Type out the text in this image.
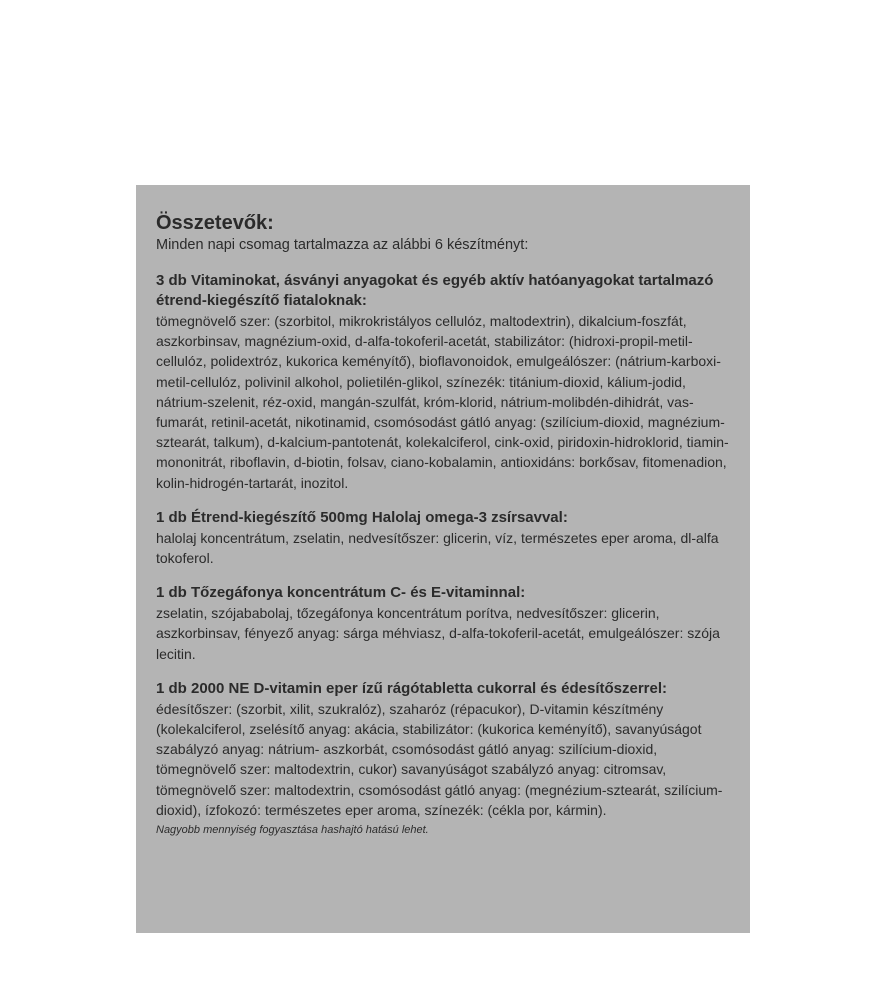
Összetevők:

Minden napi csomag tartalmazza az alábbi 6 készítményt:

3 db Vitaminokat, ásványi anyagokat és egyéb aktív hatóanyagokat tartalmazó étrend-kiegészítő fiataloknak:

tömegnövelő szer: (szorbitol, mikrokristályos cellulóz, maltodextrin), dikalcium-foszfát, aszkorbinsav, magnézium-oxid, d-alfa-tokoferil-acetát, stabilizátor: (hidroxi-propil-metil-cellulóz, polidextróz, kukorica keményítő), bioflavonoidok, emulgeálószer: (nátrium-karboxi-metil-cellulóz, polivinil alkohol, polietilén-glikol, színezék: titánium-dioxid, kálium-jodid, nátrium-szelenit, réz-oxid, mangán-szulfát, króm-klorid, nátrium-molibdén-dihidrát, vas-fumarát, retinil-acetát, nikotinamid, csomósodást gátló anyag: (szilícium-dioxid, magnézium-sztearát, talkum), d-kalcium-pantotenát, kolekalciferol, cink-oxid, piridoxin-hidroklorid, tiamin-mononitrát, riboflavin, d-biotin, folsav, ciano-kobalamin, antioxidáns: borkősav, fitomenadion, kolin-hidrogén-tartarát, inozitol.

1 db Étrend-kiegészítő 500mg Halolaj omega-3 zsírsavval:

halolaj koncentrátum, zselatin, nedvesítőszer: glicerin, víz, természetes eper aroma, dl-alfa tokoferol.

1 db Tőzegáfonya koncentrátum C- és E-vitaminnal:

zselatin, szójababolaj, tőzegáfonya koncentrátum porítva, nedvesítőszer: glicerin, aszkorbinsav, fényező anyag: sárga méhviasz, d-alfa-tokoferil-acetát, emulgeálószer: szója lecitin.

1 db 2000 NE D-vitamin eper ízű rágótabletta cukorral és édesítőszerrel:

édesítőszer: (szorbit, xilit, szukralóz), szaharóz (répacukor), D-vitamin készítmény (kolekalciferol, zselésítő anyag: akácia, stabilizátor: (kukorica keményítő), savanyúságot szabályzó anyag: nátrium- aszkorbát, csomósodást gátló anyag: szilícium-dioxid, tömegnövelő szer: maltodextrin, cukor) savanyúságot szabályzó anyag: citromsav, tömegnövelő szer: maltodextrin, csomósodást gátló anyag: (megnézium-sztearát, szilícium-dioxid), ízfokozó: természetes eper aroma, színezék: (cékla por, kármin).

Nagyobb mennyiség fogyasztása hashajtó hatású lehet.
